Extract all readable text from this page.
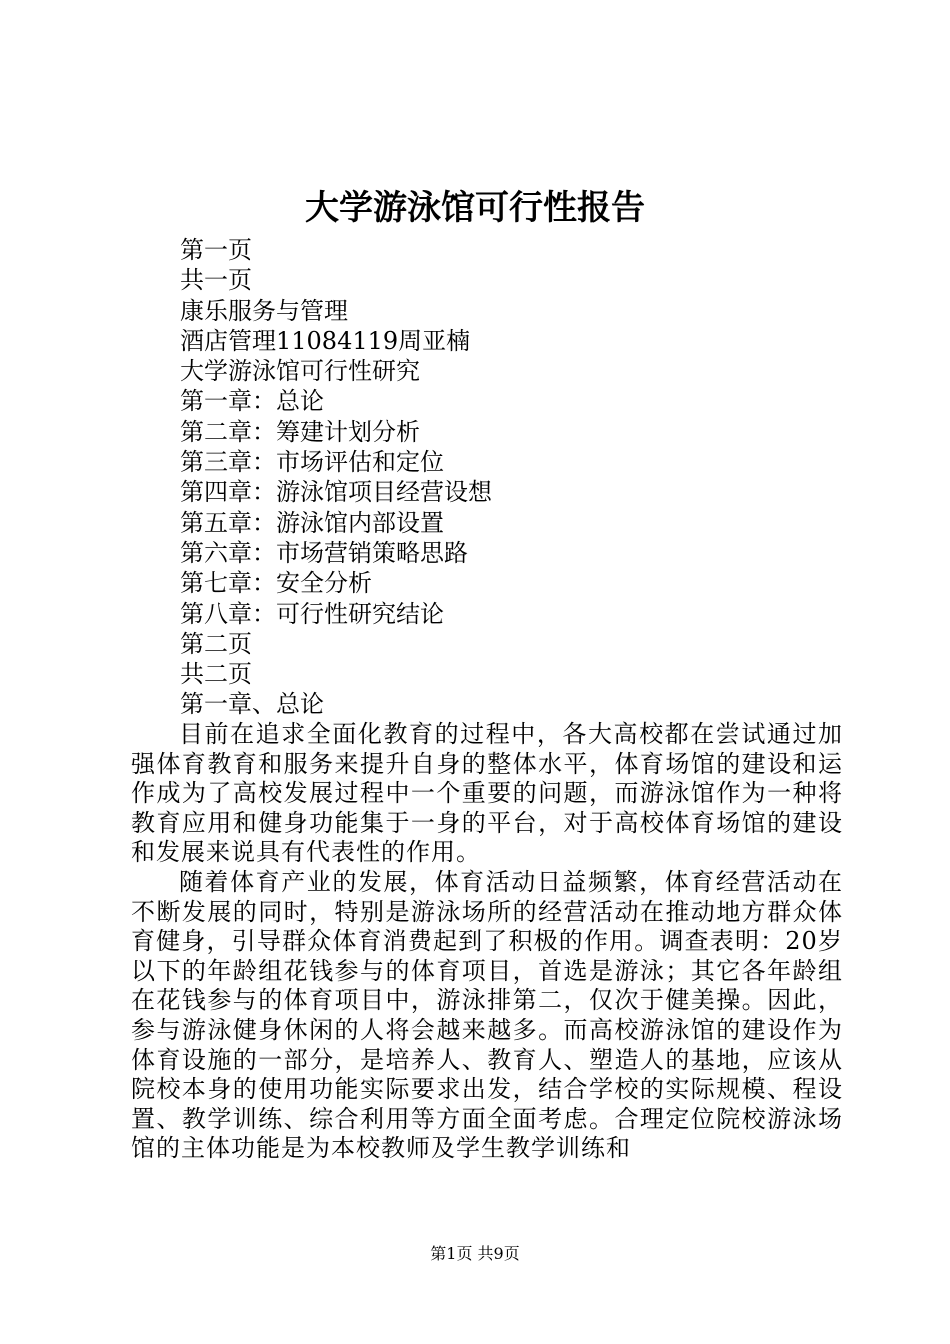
大学游泳馆可行性报告
第一页
共一页
康乐服务与管理
酒店管理11084119周亚楠
大学游泳馆可行性研究
第一章：总论
第二章：筹建计划分析
第三章：市场评估和定位
第四章：游泳馆项目经营设想
第五章：游泳馆内部设置
第六章：市场营销策略思路
第七章：安全分析
第八章：可行性研究结论
第二页
共二页
第一章、总论

目前在追求全面化教育的过程中，各大高校都在尝试通过加强体育教育和服务来提升自身的整体水平，体育场馆的建设和运作成为了高校发展过程中一个重要的问题，而游泳馆作为一种将教育应用和健身功能集于一身的平台，对于高校体育场馆的建设和发展来说具有代表性的作用。

随着体育产业的发展，体育活动日益频繁，体育经营活动在不断发展的同时，特别是游泳场所的经营活动在推动地方群众体育健身，引导群众体育消费起到了积极的作用。调查表明：20岁以下的年龄组花钱参与的体育项目，首选是游泳；其它各年龄组在花钱参与的体育项目中，游泳排第二，仅次于健美操。因此，参与游泳健身休闲的人将会越来越多。而高校游泳馆的建设作为体育设施的一部分，是培养人、教育人、塑造人的基地，应该从院校本身的使用功能实际要求出发，结合学校的实际规模、程设置、教学训练、综合利用等方面全面考虑。合理定位院校游泳场馆的主体功能是为本校教师及学生教学训练和

第1页 共9页
